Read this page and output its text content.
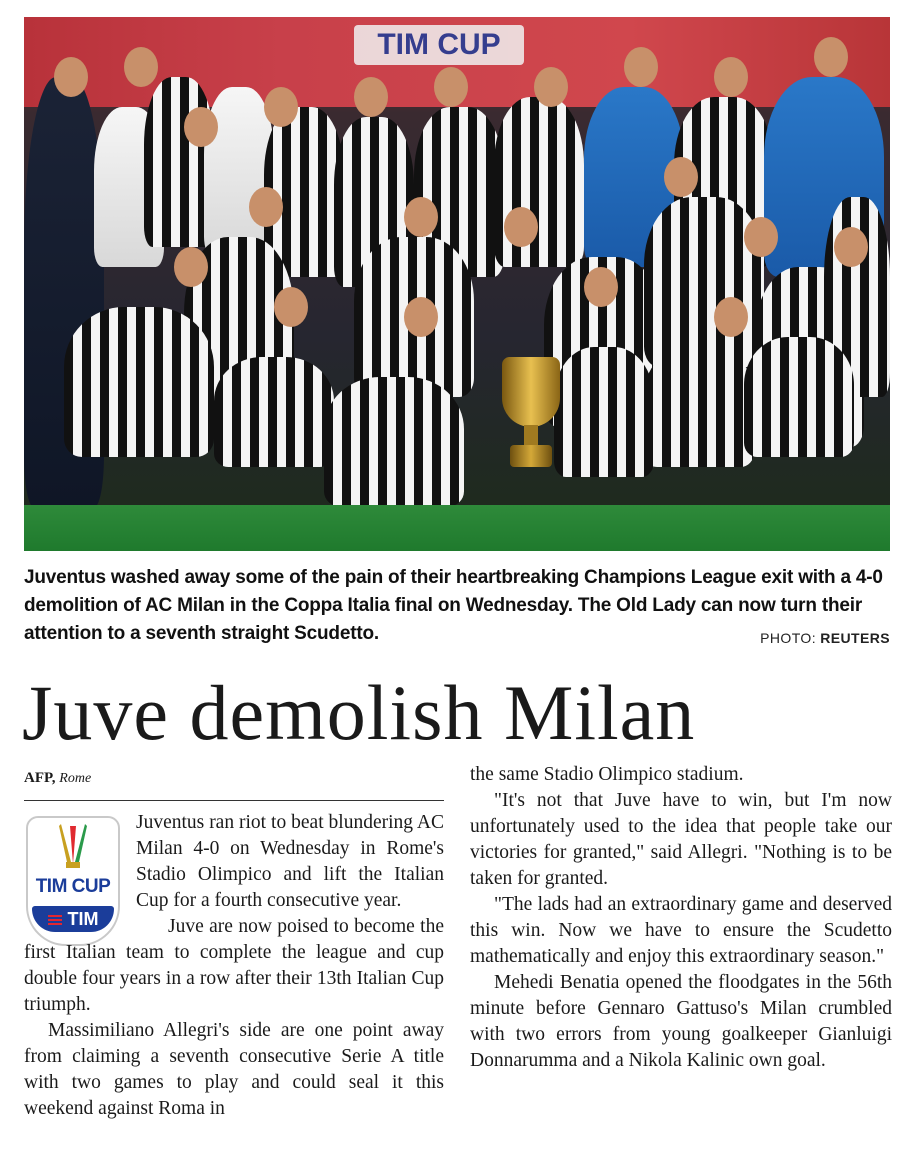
TIM CUP
Juventus washed away some of the pain of their heartbreaking Champions League exit with a 4-0 demolition of AC Milan in the Coppa Italia final on Wednesday. The Old Lady can now turn their attention to a seventh straight Scudetto.	PHOTO: REUTERS
Juve demolish Milan
AFP, Rome
TIM CUP
TIM

Juventus ran riot to beat blundering AC Milan 4-0 on Wednesday in Rome's Stadio Olimpico and lift the Italian Cup for a fourth consecutive year.

Juve are now poised to become the first Italian team to complete the league and cup double four years in a row after their 13th Italian Cup triumph.

Massimiliano Allegri's side are one point away from claiming a seventh consecutive Serie A title with two games to play and could seal it this weekend against Roma in

the same Stadio Olimpico stadium.

"It's not that Juve have to win, but I'm now unfortunately used to the idea that people take our victories for granted," said Allegri. "Nothing is to be taken for granted.

"The lads had an extraordinary game and deserved this win. Now we have to ensure the Scudetto mathematically and enjoy this extraordinary season."

Mehedi Benatia opened the floodgates in the 56th minute before Gennaro Gattuso's Milan crumbled with two errors from young goalkeeper Gianluigi Donnarumma and a Nikola Kalinic own goal.
